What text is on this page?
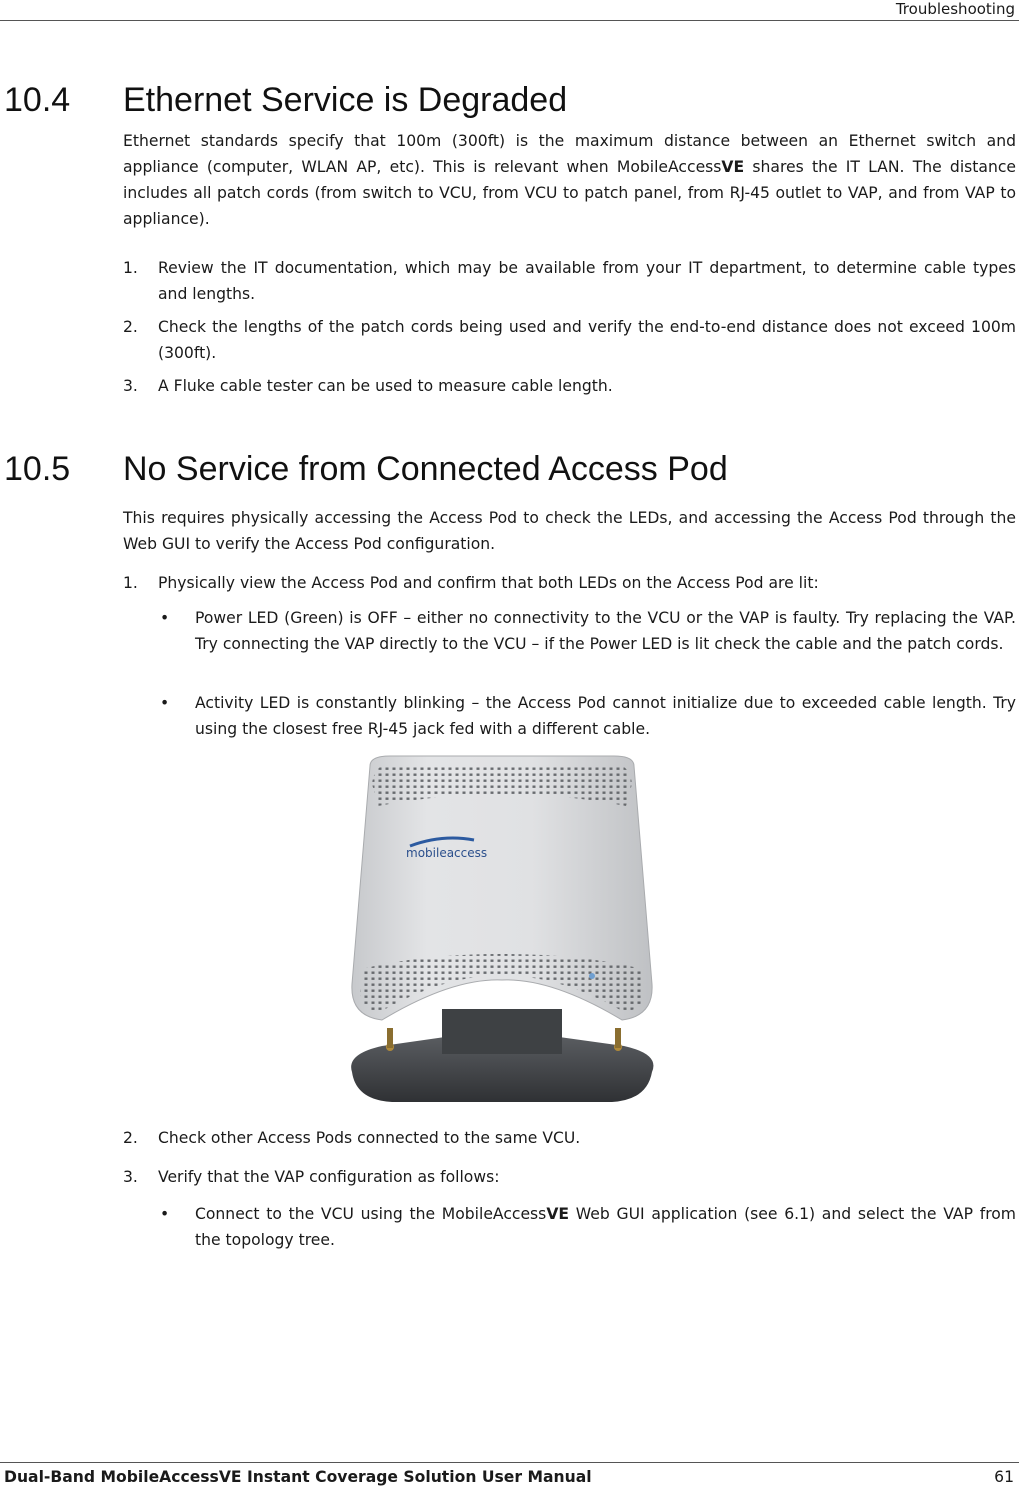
Troubleshooting
10.4 Ethernet Service is Degraded

Ethernet standards specify that 100m (300ft) is the maximum distance between an Ethernet switch and appliance (computer, WLAN AP, etc). This is relevant when MobileAccessVE shares the IT LAN. The distance includes all patch cords (from switch to VCU, from VCU to patch panel, from RJ-45 outlet to VAP, and from VAP to appliance).

1. Review the IT documentation, which may be available from your IT department, to determine cable types and lengths.
2. Check the lengths of the patch cords being used and verify the end-to-end distance does not exceed 100m (300ft).
3. A Fluke cable tester can be used to measure cable length.
10.5 No Service from Connected Access Pod

This requires physically accessing the Access Pod to check the LEDs, and accessing the Access Pod through the Web GUI to verify the Access Pod configuration.

1. Physically view the Access Pod and confirm that both LEDs on the Access Pod are lit:
• Power LED (Green) is OFF – either no connectivity to the VCU or the VAP is faulty. Try replacing the VAP. Try connecting the VAP directly to the VCU – if the Power LED is lit check the cable and the patch cords.
• Activity LED is constantly blinking – the Access Pod cannot initialize due to exceeded cable length. Try using the closest free RJ-45 jack fed with a different cable.
mobileaccess
2. Check other Access Pods connected to the same VCU.
3. Verify that the VAP configuration as follows:
• Connect to the VCU using the MobileAccessVE Web GUI application (see 6.1) and select the VAP from the topology tree.
Dual-Band MobileAccessVE Instant Coverage Solution User Manual	61
